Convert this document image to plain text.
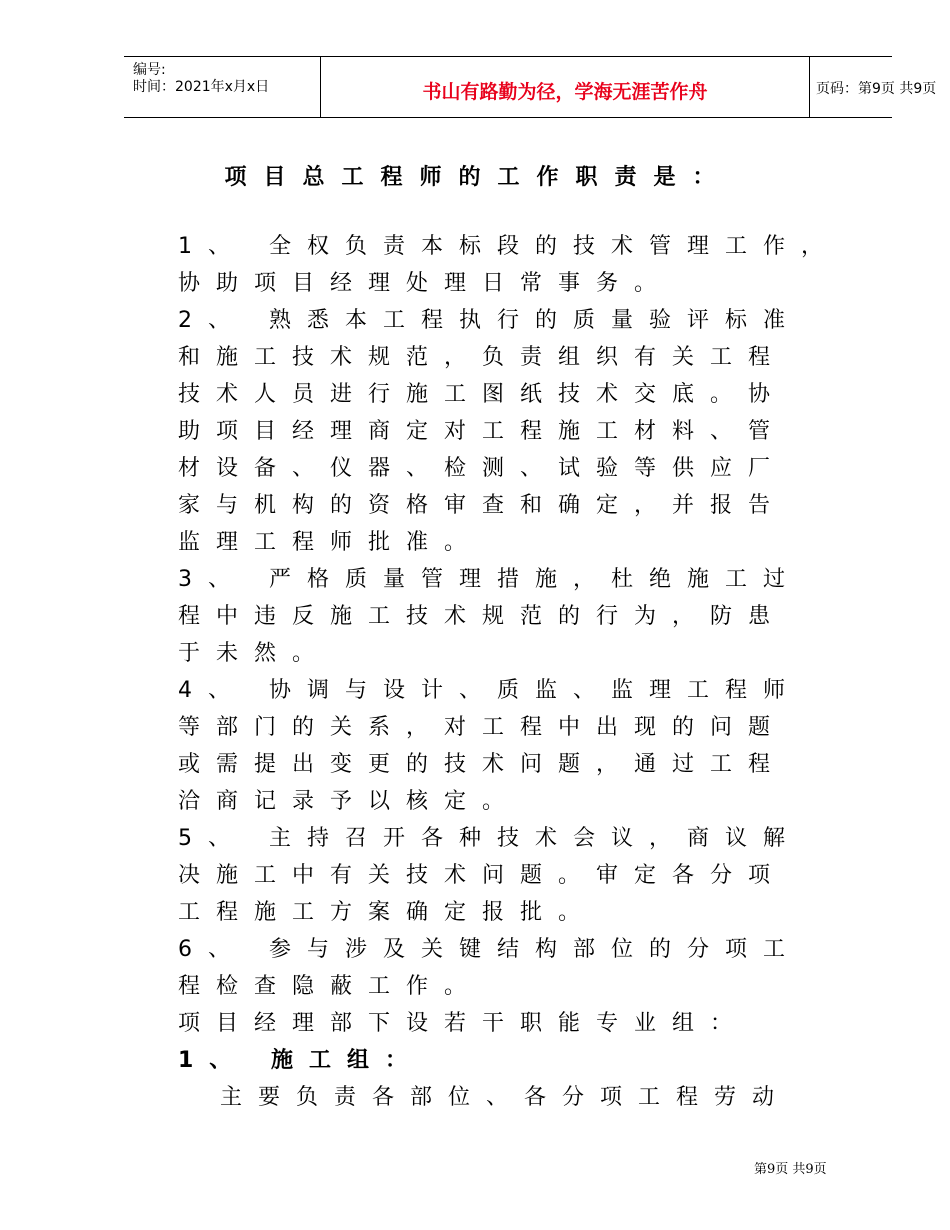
编号:
时间：2021年x月x日	书山有路勤为径，学海无涯苦作舟	页码：第9页 共9页
项目总工程师的工作职责是：
1、 全权负责本标段的技术管理工作，
协助项目经理处理日常事务。
2、 熟悉本工程执行的质量验评标准
和施工技术规范，负责组织有关工程
技术人员进行施工图纸技术交底。协
助项目经理商定对工程施工材料、管
材设备、仪器、检测、试验等供应厂
家与机构的资格审查和确定，并报告
监理工程师批准。
3、 严格质量管理措施，杜绝施工过
程中违反施工技术规范的行为，防患
于未然。
4、 协调与设计、质监、监理工程师
等部门的关系，对工程中出现的问题
或需提出变更的技术问题，通过工程
洽商记录予以核定。
5、 主持召开各种技术会议，商议解
决施工中有关技术问题。审定各分项
工程施工方案确定报批。
6、 参与涉及关键结构部位的分项工
程检查隐蔽工作。
项目经理部下设若干职能专业组：
1、 施工组：
主要负责各部位、各分项工程劳动
第9页 共9页
